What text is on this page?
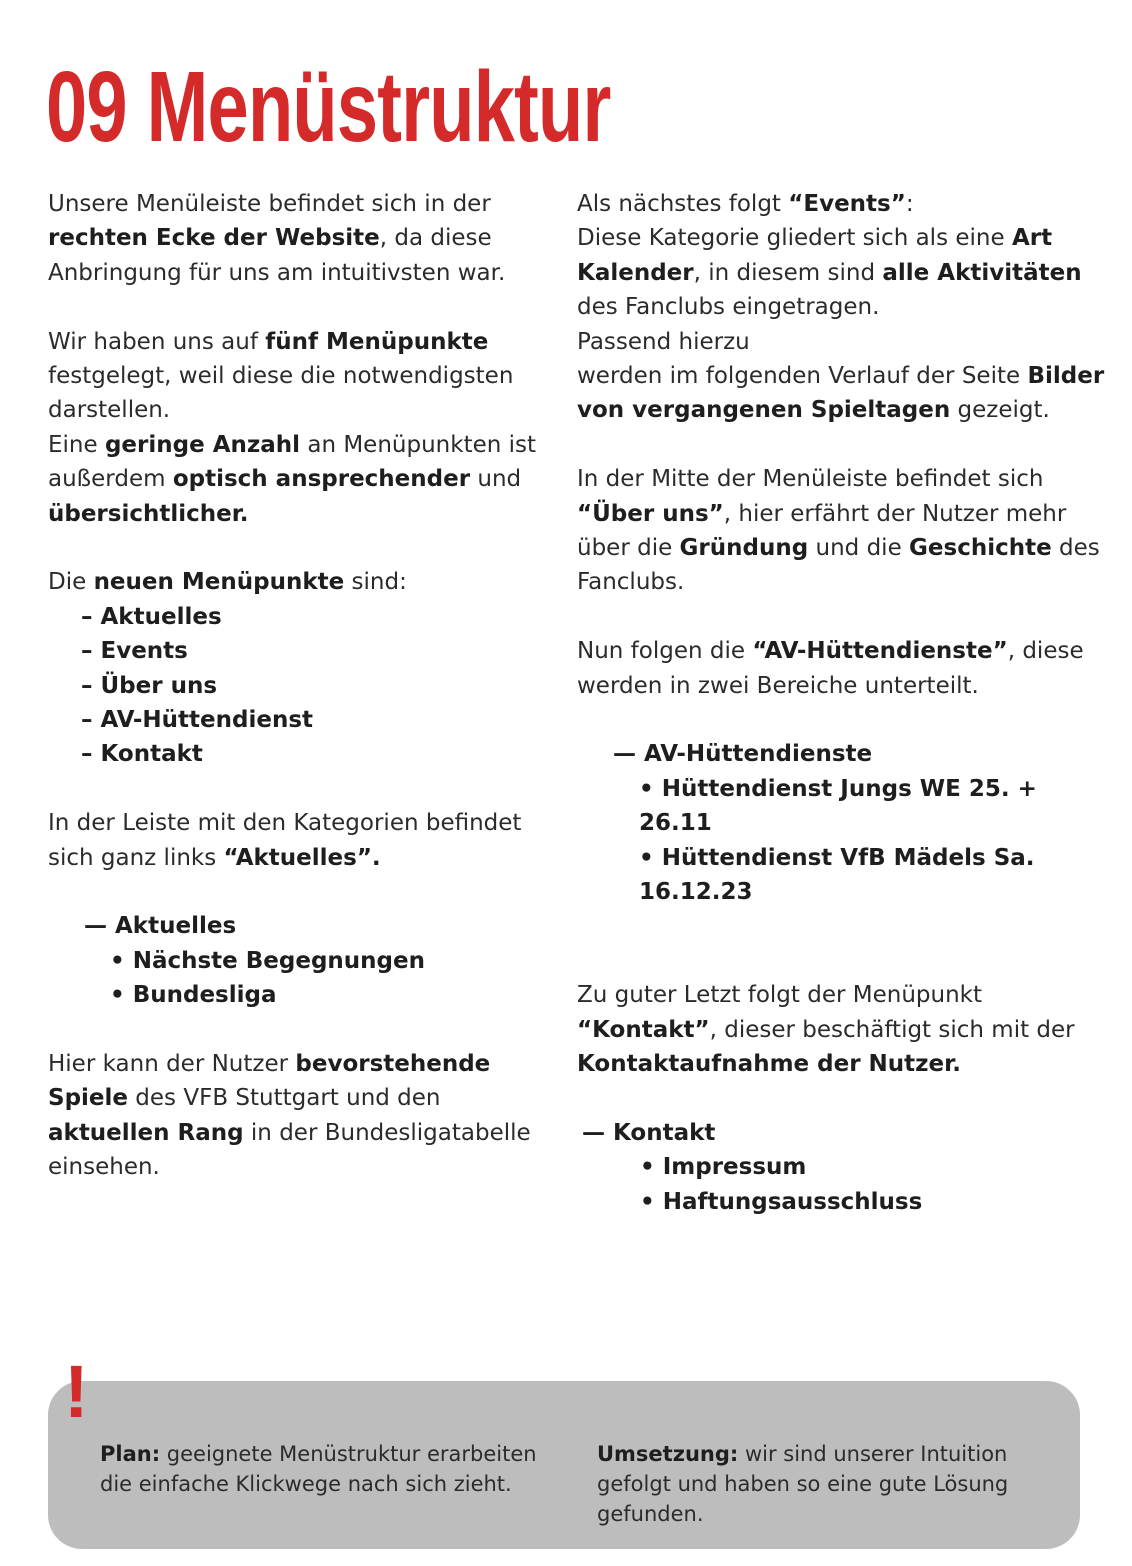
09 Menüstruktur

Unsere Menüleiste befindet sich in der rechten Ecke der Website, da diese Anbringung für uns am intuitivsten war.

Wir haben uns auf fünf Menüpunkte festgelegt, weil diese die notwendigsten darstellen.

Eine geringe Anzahl an Menüpunkten ist außerdem optisch ansprechender und übersichtlicher.

Die neuen Menüpunkte sind:

– Aktuelles

– Events

– Über uns

– AV-Hüttendienst

– Kontakt

In der Leiste mit den Kategorien befindet sich ganz links “Aktuelles”.

— Aktuelles

• Nächste Begegnungen

• Bundesliga

Hier kann der Nutzer bevorstehende Spiele des VFB Stuttgart und den aktuellen Rang in der Bundesligatabelle einsehen.

Als nächstes folgt “Events”:

Diese Kategorie gliedert sich als eine Art Kalender, in diesem sind alle Aktivitäten des Fanclubs eingetragen.

Passend hierzu

werden im folgenden Verlauf der Seite Bilder von vergangenen Spieltagen gezeigt.

In der Mitte der Menüleiste befindet sich “Über uns”, hier erfährt der Nutzer mehr über die Gründung und die Geschichte des Fanclubs.

Nun folgen die “AV-Hüttendienste”, diese werden in zwei Bereiche unterteilt.

— AV-Hüttendienste

• Hüttendienst Jungs WE 25. + 26.11

• Hüttendienst VfB Mädels Sa. 16.12.23

Zu guter Letzt folgt der Menüpunkt “Kontakt”, dieser beschäftigt sich mit der Kontaktaufnahme der Nutzer.

— Kontakt

• Impressum

• Haftungsausschluss

!

Plan: geeignete Menüstruktur erarbeiten die einfache Klickwege nach sich zieht.

Umsetzung: wir sind unserer Intuition gefolgt und haben so eine gute Lösung gefunden.
